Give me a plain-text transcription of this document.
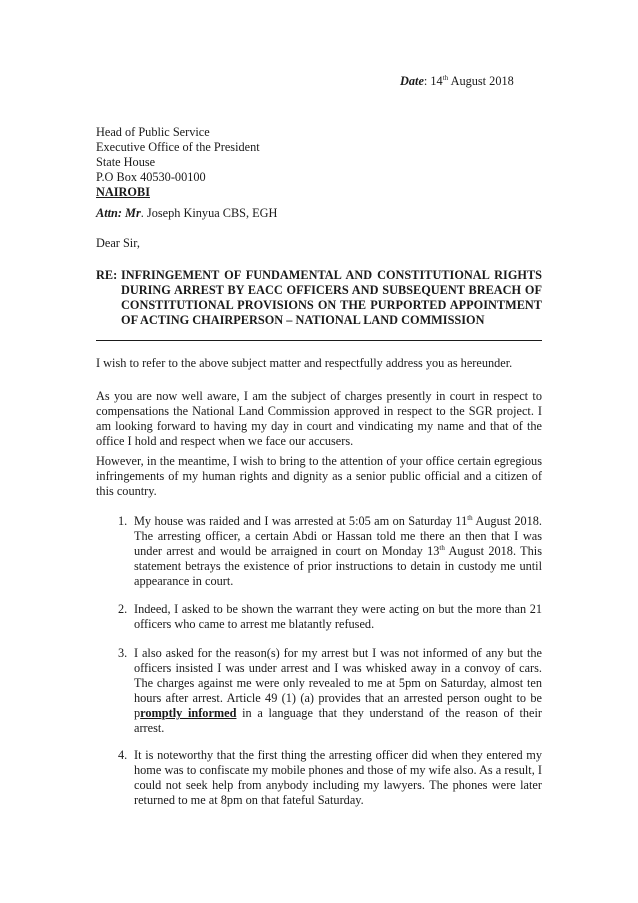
Date: 14th August 2018
Head of Public Service
Executive Office of the President
State House
P.O Box 40530-00100
NAIROBI
Attn: Mr. Joseph Kinyua CBS, EGH
Dear Sir,
RE: INFRINGEMENT OF FUNDAMENTAL AND CONSTITUTIONAL RIGHTS DURING ARREST BY EACC OFFICERS AND SUBSEQUENT BREACH OF CONSTITUTIONAL PROVISIONS ON THE PURPORTED APPOINTMENT OF ACTING CHAIRPERSON – NATIONAL LAND COMMISSION
I wish to refer to the above subject matter and respectfully address you as hereunder.
As you are now well aware, I am the subject of charges presently in court in respect to compensations the National Land Commission approved in respect to the SGR project. I am looking forward to having my day in court and vindicating my name and that of the office I hold and respect when we face our accusers.
However, in the meantime, I wish to bring to the attention of your office certain egregious infringements of my human rights and dignity as a senior public official and a citizen of this country.
1. My house was raided and I was arrested at 5:05 am on Saturday 11th August 2018. The arresting officer, a certain Abdi or Hassan told me there an then that I was under arrest and would be arraigned in court on Monday 13th August 2018. This statement betrays the existence of prior instructions to detain in custody me until appearance in court.
2. Indeed, I asked to be shown the warrant they were acting on but the more than 21 officers who came to arrest me blatantly refused.
3. I also asked for the reason(s) for my arrest but I was not informed of any but the officers insisted I was under arrest and I was whisked away in a convoy of cars. The charges against me were only revealed to me at 5pm on Saturday, almost ten hours after arrest. Article 49 (1) (a) provides that an arrested person ought to be promptly informed in a language that they understand of the reason of their arrest.
4. It is noteworthy that the first thing the arresting officer did when they entered my home was to confiscate my mobile phones and those of my wife also. As a result, I could not seek help from anybody including my lawyers. The phones were later returned to me at 8pm on that fateful Saturday.
